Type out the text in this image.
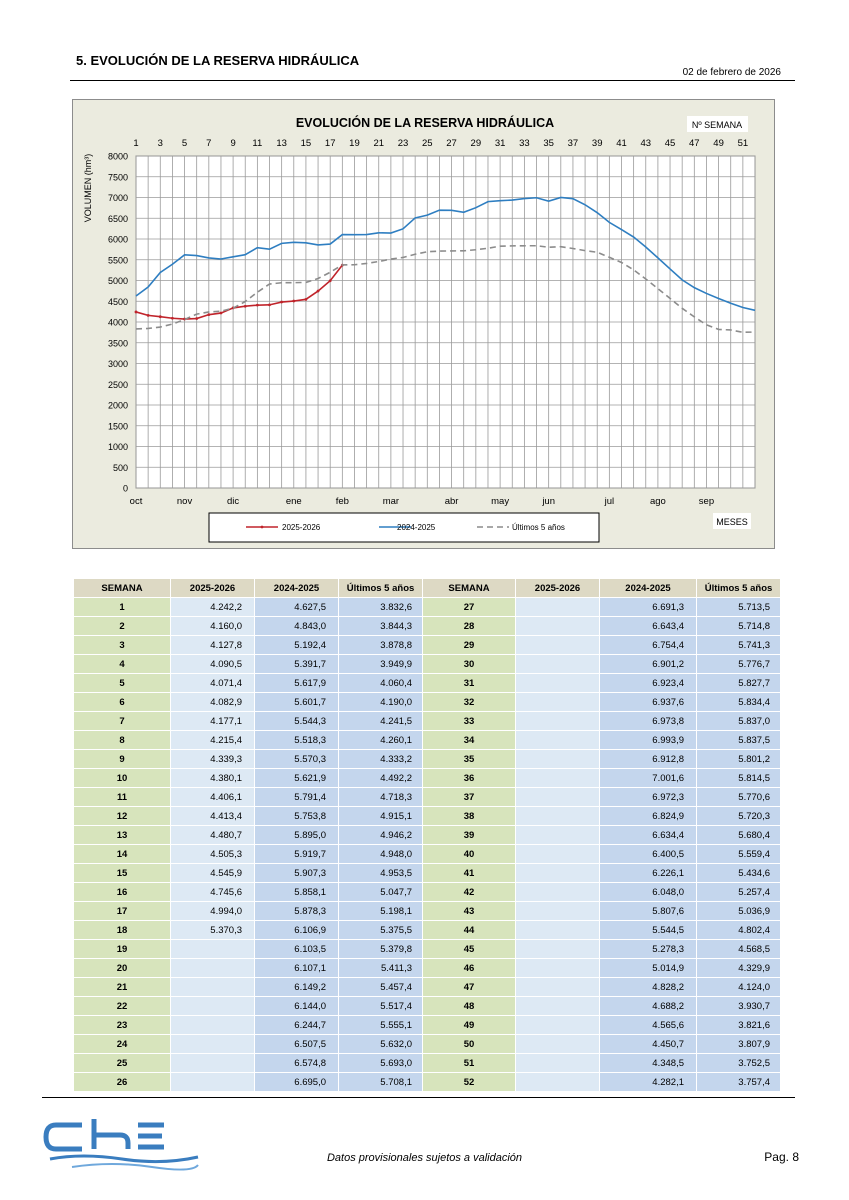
5. EVOLUCIÓN DE LA RESERVA HIDRÁULICA
02 de febrero de 2026
0
500
1000
1500
2000
2500
3000
3500
4000
4500
5000
5500
6000
6500
7000
7500
8000
1 3 5 7 9 11 13 15 17 19 21 23 25 27 29 31 33 35 37 39 41 43 45 47 49 51
oct	nov	dic	ene	feb	mar	abr	may	jun	jul	ago	sep
EVOLUCIÓN DE LA RESERVA HIDRÁULICA	Nº SEMANA
MESES
VOLUMEN (hm³)
2025-2026	2024-2025	Últimos 5 años
SEMANA	2025-2026	2024-2025	Últimos 5 años	SEMANA	2025-2026	2024-2025	Últimos 5 años
1	4.242,2	4.627,5	3.832,6	27		6.691,3	5.713,5
2	4.160,0	4.843,0	3.844,3	28		6.643,4	5.714,8
3	4.127,8	5.192,4	3.878,8	29		6.754,4	5.741,3
4	4.090,5	5.391,7	3.949,9	30		6.901,2	5.776,7
5	4.071,4	5.617,9	4.060,4	31		6.923,4	5.827,7
6	4.082,9	5.601,7	4.190,0	32		6.937,6	5.834,4
7	4.177,1	5.544,3	4.241,5	33		6.973,8	5.837,0
8	4.215,4	5.518,3	4.260,1	34		6.993,9	5.837,5
9	4.339,3	5.570,3	4.333,2	35		6.912,8	5.801,2
10	4.380,1	5.621,9	4.492,2	36		7.001,6	5.814,5
11	4.406,1	5.791,4	4.718,3	37		6.972,3	5.770,6
12	4.413,4	5.753,8	4.915,1	38		6.824,9	5.720,3
13	4.480,7	5.895,0	4.946,2	39		6.634,4	5.680,4
14	4.505,3	5.919,7	4.948,0	40		6.400,5	5.559,4
15	4.545,9	5.907,3	4.953,5	41		6.226,1	5.434,6
16	4.745,6	5.858,1	5.047,7	42		6.048,0	5.257,4
17	4.994,0	5.878,3	5.198,1	43		5.807,6	5.036,9
18	5.370,3	6.106,9	5.375,5	44		5.544,5	4.802,4
19		6.103,5	5.379,8	45		5.278,3	4.568,5
20		6.107,1	5.411,3	46		5.014,9	4.329,9
21		6.149,2	5.457,4	47		4.828,2	4.124,0
22		6.144,0	5.517,4	48		4.688,2	3.930,7
23		6.244,7	5.555,1	49		4.565,6	3.821,6
24		6.507,5	5.632,0	50		4.450,7	3.807,9
25		6.574,8	5.693,0	51		4.348,5	3.752,5
26		6.695,0	5.708,1	52		4.282,1	3.757,4
Datos provisionales sujetos a validación	Pag. 8
